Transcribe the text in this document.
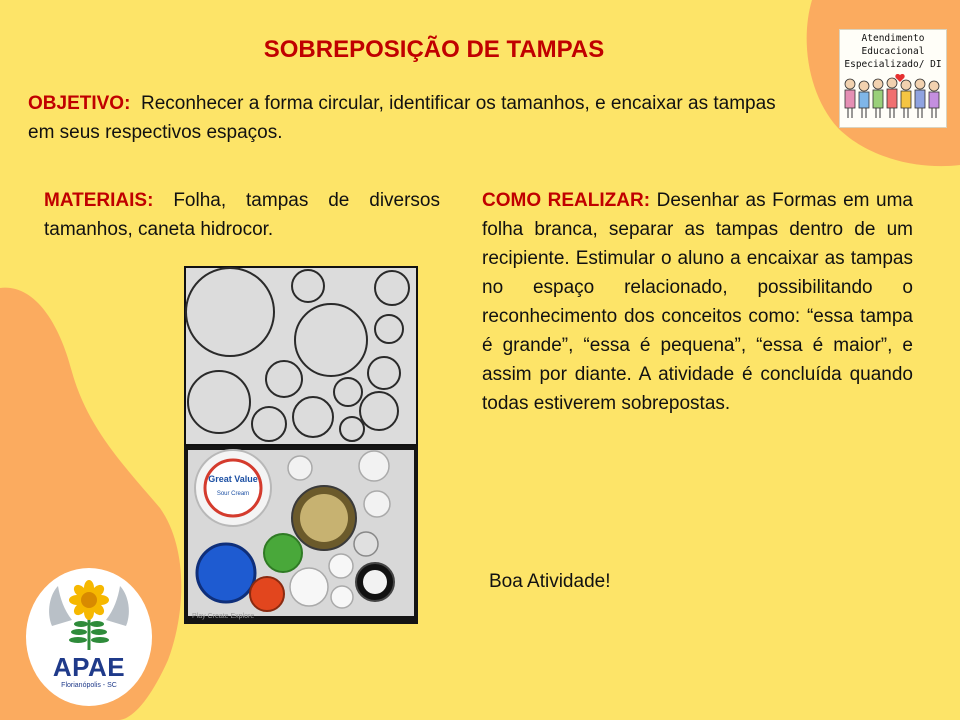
SOBREPOSIÇÃO DE TAMPAS

OBJETIVO: Reconhecer a forma circular, identificar os tamanhos, e encaixar as tampas em seus respectivos espaços.

MATERIAIS: Folha, tampas de diversos tamanhos, caneta hidrocor.

COMO REALIZAR: Desenhar as Formas em uma folha branca, separar as tampas dentro de um recipiente. Estimular o aluno a encaixar as tampas no espaço relacionado, possibilitando o reconhecimento dos conceitos como: “essa tampa é grande”, “essa é pequena”, “essa é maior”, e assim por diante. A atividade é concluída quando todas estiverem sobrepostas.

Boa Atividade!

Atendimento
Educacional
Especializado/ DI

Great Value
Sour Cream

Play Create Explore

APAE

Florianópolis - SC
